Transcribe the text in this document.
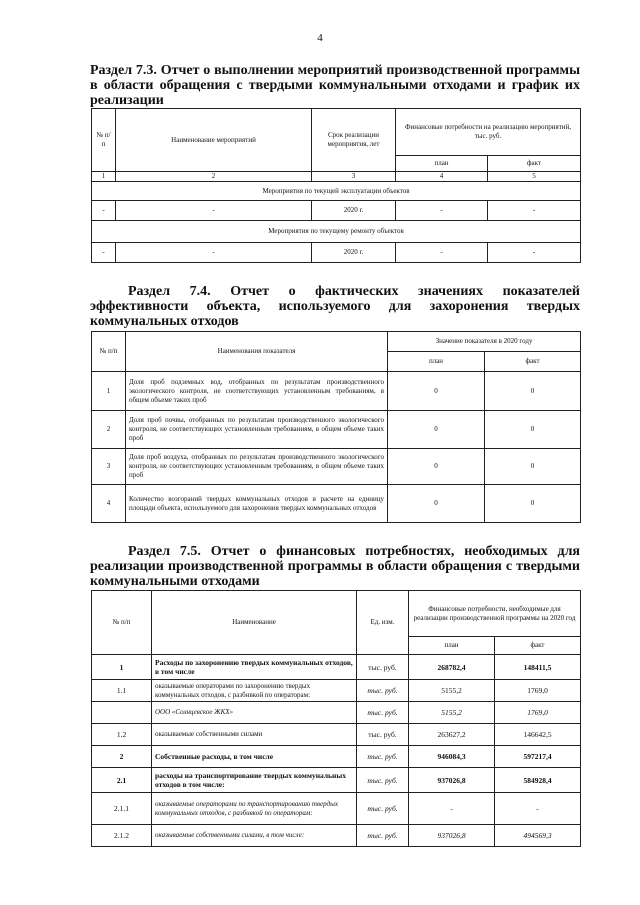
4
Раздел 7.3. Отчет о выполнении мероприятий производственной программы в области обращения с твердыми коммунальными отходами и график их реализации
№ п/ п	Наименование мероприятий	Срок реализации мероприятия, лет	Финансовые потребности на реализацию мероприятий, тыс. руб.	
			план	факт
1	2	3	4	5
Мероприятия по текущей эксплуатации объектов				
-	-	2020 г.	-	-
Мероприятия по текущему ремонту объектов				
-	-	2020 г.	-	-
Раздел 7.4. Отчет о фактических значениях показателей эффективности объекта, используемого для захоронения твердых коммунальных отходов
№ п/п	Наименования показателя	Значение показателя в 2020 году	
		план	факт
1	Доля проб подземных вод, отобранных по результатам производственного экологического контроля, не соответствующих установленным требованиям, в общем объеме таких проб	0	0
2	Доля проб почвы, отобранных по результатам производственного экологического контроля, не соответствующих установленным требованиям, в общем объеме таких проб	0	0
3	Доля проб воздуха, отобранных по результатам производственного экологического контроля, не соответствующих установленным требованиям, в общем объеме таких проб	0	0
4	Количество возгораний твердых коммунальных отходов в расчете на единицу площади объекта, используемого для захоронения твердых коммунальных отходов	0	0
Раздел 7.5. Отчет о финансовых потребностях, необходимых для реализации производственной программы в области обращения с твердыми коммунальными отходами
№ п/п	Наименование	Ед. изм.	Финансовые потребности, необходимые для реализации производственной программы на 2020 год	
			план	факт
1	Расходы по захоронению твердых коммунальных отходов, в том числе	тыс. руб.	268782,4	148411,5
1.1	оказываемые операторами по захоронению твердых коммунальных отходов, с разбивкой по операторам:	тыс. руб.	5155,2	1769,0
	ООО «Солнцевское ЖКХ»	тыс. руб.	5155,2	1769,0
1.2	оказываемые собственными силами	тыс. руб.	263627,2	146642,5
2	Собственные расходы, в том числе	тыс. руб.	946084,3	597217,4
2.1	расходы на транспортирование твердых коммунальных отходов в том числе:	тыс. руб.	937026,8	584928,4
2.1.1	оказываемые операторами по транспортированию твердых коммунальных отходов, с разбивкой по операторам:	тыс. руб.	-	-
2.1.2	оказываемые собственными силами, в том числе:	тыс. руб.	937026,8	494569,3
